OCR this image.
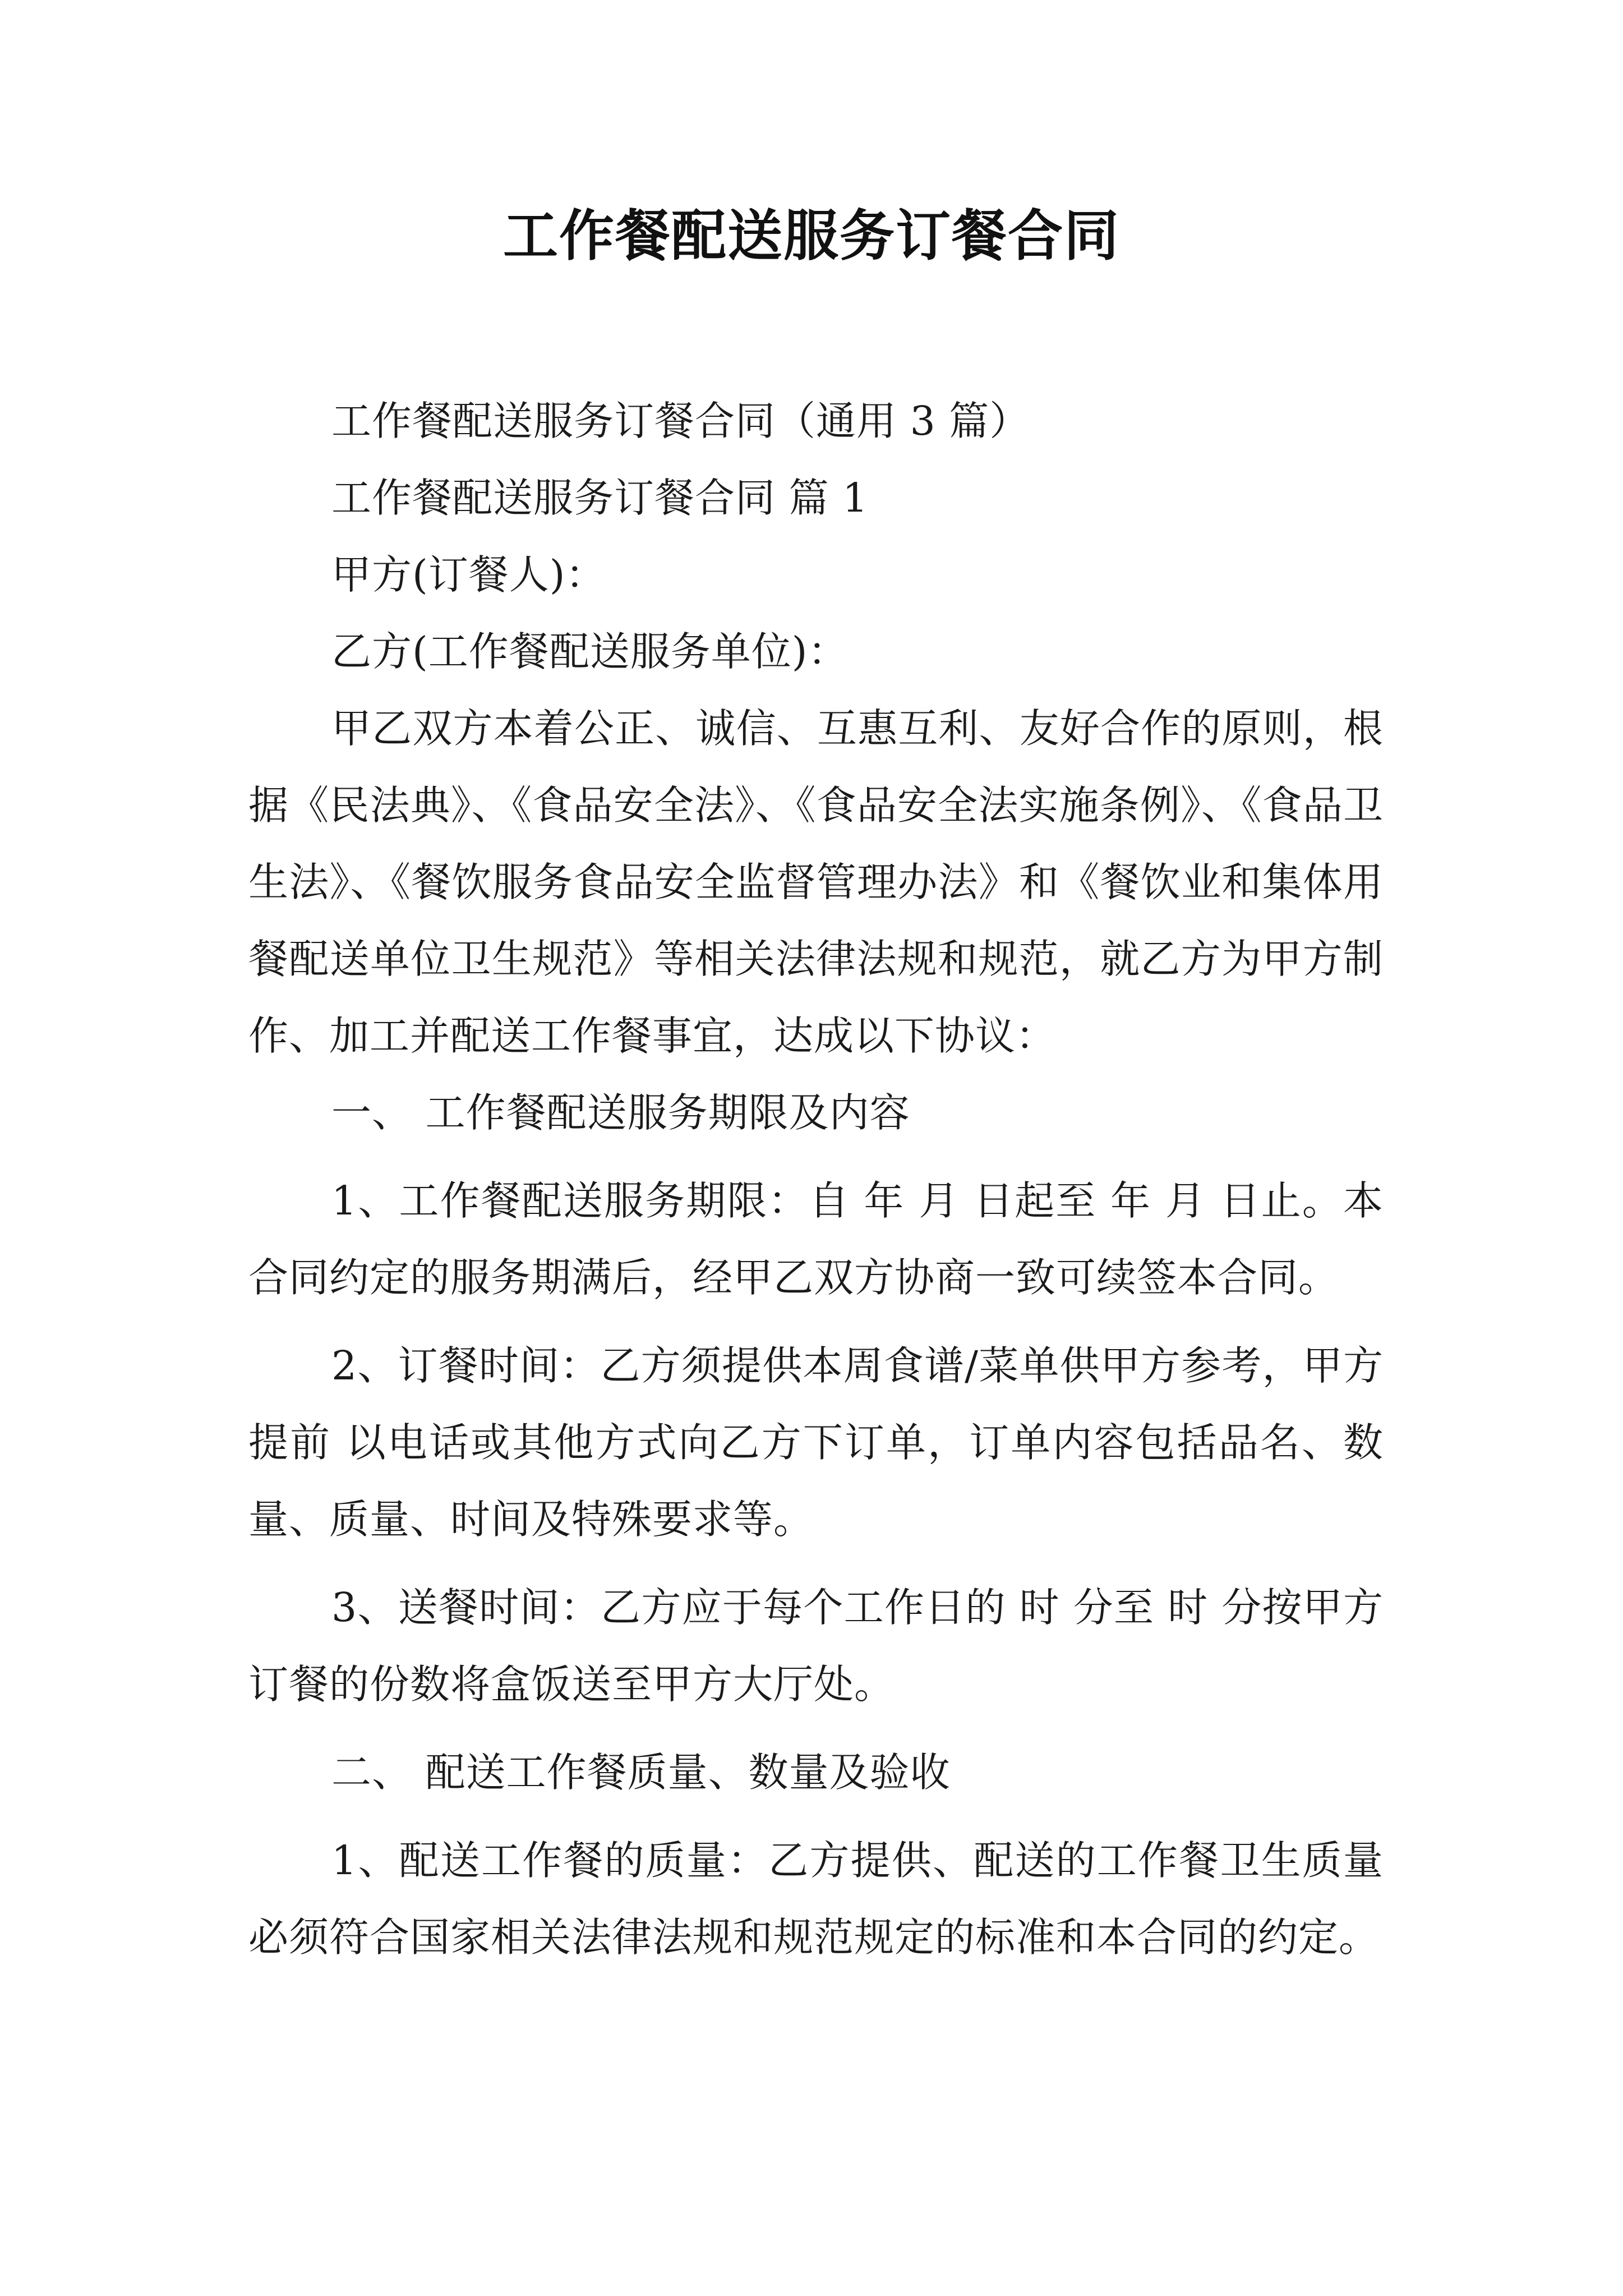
工作餐配送服务订餐合同

工作餐配送服务订餐合同（通用 3 篇）

工作餐配送服务订餐合同 篇 1

甲方(订餐人)：

乙方(工作餐配送服务单位)：

甲乙双方本着公正、诚信、互惠互利、友好合作的原则，根据《民法典》、《食品安全法》、《食品安全法实施条例》、《食品卫生法》、《餐饮服务食品安全监督管理办法》和《餐饮业和集体用餐配送单位卫生规范》等相关法律法规和规范，就乙方为甲方制作、加工并配送工作餐事宜，达成以下协议：

一、 工作餐配送服务期限及内容

1、工作餐配送服务期限：自 年 月 日起至 年 月 日止。本合同约定的服务期满后，经甲乙双方协商一致可续签本合同。

2、订餐时间：乙方须提供本周食谱/菜单供甲方参考，甲方提前 以电话或其他方式向乙方下订单，订单内容包括品名、数量、质量、时间及特殊要求等。

3、送餐时间：乙方应于每个工作日的 时 分至 时 分按甲方订餐的份数将盒饭送至甲方大厅处。

二、 配送工作餐质量、数量及验收

1、配送工作餐的质量：乙方提供、配送的工作餐卫生质量必须符合国家相关法律法规和规范规定的标准和本合同的约定。
